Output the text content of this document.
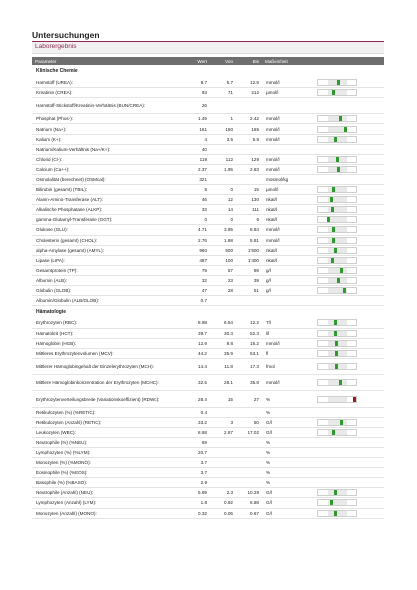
Untersuchungen
Laborergebnis
Parameter	Wert	Von	Bis	Maßeinheit	
Klinische Chemie					
Harnstoff (UREA):	9.7	5.7	12.9	mmol/l	

Kreatinin (CREA):	93	71	212	µmol/l	

Harnstoff-Stickstoff/Kreatinin-Verhältnis (BUN/CREA):	26				
Phosphat (Phos-):	1.49	1	2.42	mmol/l	

Natrium (Na+):	161	150	165	mmol/l	

Kalium (K+):	4	3.5	5.8	mmol/l	

Natrium/Kalium-Verhältnis (Na+/K+):	40				
Chlorid (Cl-):	119	112	129	mmol/l	

Calcium (Ca++):	2.37	1.95	2.83	mmol/l	

Osmolalität (berechnet) (OSMcal):	321			mosmol/kg	
Bilirubin (gesamt) (TBIL):	5	0	15	µmol/l	

Alanin-Amino-Transferase (ALT):	46	12	130	nkat/l	

Alkalische Phosphatase (ALKP):	33	14	111	nkat/l	

gamma-Glutamyl-Transferase (GGT):	0	0	6	nkat/l	

Glukose (GLU):	4.71	3.95	8.84	mmol/l	

Cholesterin (gesamt) (CHOL):	2.76	1.68	5.81	mmol/l	

alpha-Amylase (gesamt) (AMYL):	960	500	1'500	nkat/l	

Lipase (LIPA):	487	100	1'400	nkat/l	

Gesamtprotein (TP):	79	57	89	g/l	

Albumin (ALB):	32	23	39	g/l	

Globulin (GLOB):	47	28	51	g/l	

Albumin/Globulin (ALB/GLOB):	0.7				
Hämatologie					
Erythrozyten (RBC):	8.98	6.54	12.2	T/l	

Hämatokrit (HCT):	39.7	30.3	52.3	l/l	

Hämoglobin (HGB):	12.9	9.8	16.2	mmol/l	

Mittleres Erythrozytenvolumen (MCV):	44.2	35.9	53.1	fl	

Mittlerer Hämoglobingehalt der Einzelerythrozyten (MCH):	14.4	11.8	17.3	fmol	

Mittlere Hämoglobinkonzentration der Erythrozyten (MCHC):	32.5	28.1	35.8	mmol/l	

Erythrozytenverteilungsbreite (Variationskoeffizient) (RDWc):	28.4	15	27	%	

Retikulozyten (%) (%RETIC):	0.4			%	
Retikulozyten (Anzahl) (RETIC):	33.2	3	50	G/l	

Leukozyten (WBC):	8.68	2.87	17.02	G/l	

Neutrophile (%) (%NEU):	69			%	
Lymphozyten (%) (%LYM):	20.7			%	
Monozyten (%) (%MONO):	3.7			%	
Eosinophile (%) (%EOS):	3.7			%	
Basophile (%) (%BASO):	2.9			%	
Neutrophile (Anzahl) (NEU):	5.99	2.3	10.29	G/l	

Lymphozyten (Anzahl) (LYM):	1.8	0.92	6.88	G/l	

Monozyten (Anzahl) (MONO):	0.32	0.05	0.67	G/l	
